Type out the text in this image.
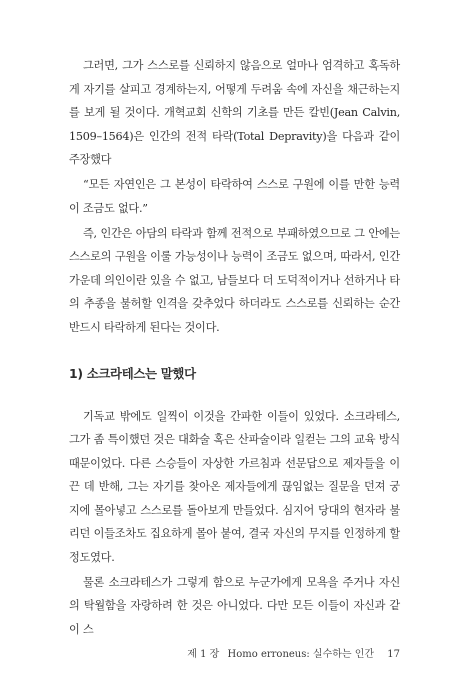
그러면, 그가 스스로를 신뢰하지 않음으로 얼마나 엄격하고 혹독하게 자기를 살피고 경계하는지, 어떻게 두려움 속에 자신을 채근하는지를 보게 될 것이다. 개혁교회 신학의 기초를 만든 칼빈(Jean Calvin, 1509–1564)은 인간의 전적 타락(Total Depravity)을 다음과 같이 주장했다

“모든 자연인은 그 본성이 타락하여 스스로 구원에 이를 만한 능력이 조금도 없다.”

즉, 인간은 아담의 타락과 함께 전적으로 부패하였으므로 그 안에는 스스로의 구원을 이룰 가능성이나 능력이 조금도 없으며, 따라서, 인간 가운데 의인이란 있을 수 없고, 남들보다 더 도덕적이거나 선하거나 타의 추종을 불허할 인격을 갖추었다 하더라도 스스로를 신뢰하는 순간 반드시 타락하게 된다는 것이다.

1) 소크라테스는 말했다

기독교 밖에도 일찍이 이것을 간파한 이들이 있었다. 소크라테스, 그가 좀 특이했던 것은 대화술 혹은 산파술이라 일컫는 그의 교육 방식 때문이었다. 다른 스승들이 자상한 가르침과 선문답으로 제자들을 이끈 데 반해, 그는 자기를 찾아온 제자들에게 끊임없는 질문을 던져 궁지에 몰아넣고 스스로를 돌아보게 만들었다. 심지어 당대의 현자라 불리던 이들조차도 집요하게 몰아 붙여, 결국 자신의 무지를 인정하게 할 정도였다.

물론 소크라테스가 그렇게 함으로 누군가에게 모욕을 주거나 자신의 탁월함을 자랑하려 한 것은 아니었다. 다만 모든 이들이 자신과 같이 스

제 1 장 Homo erroneus: 실수하는 인간 17
